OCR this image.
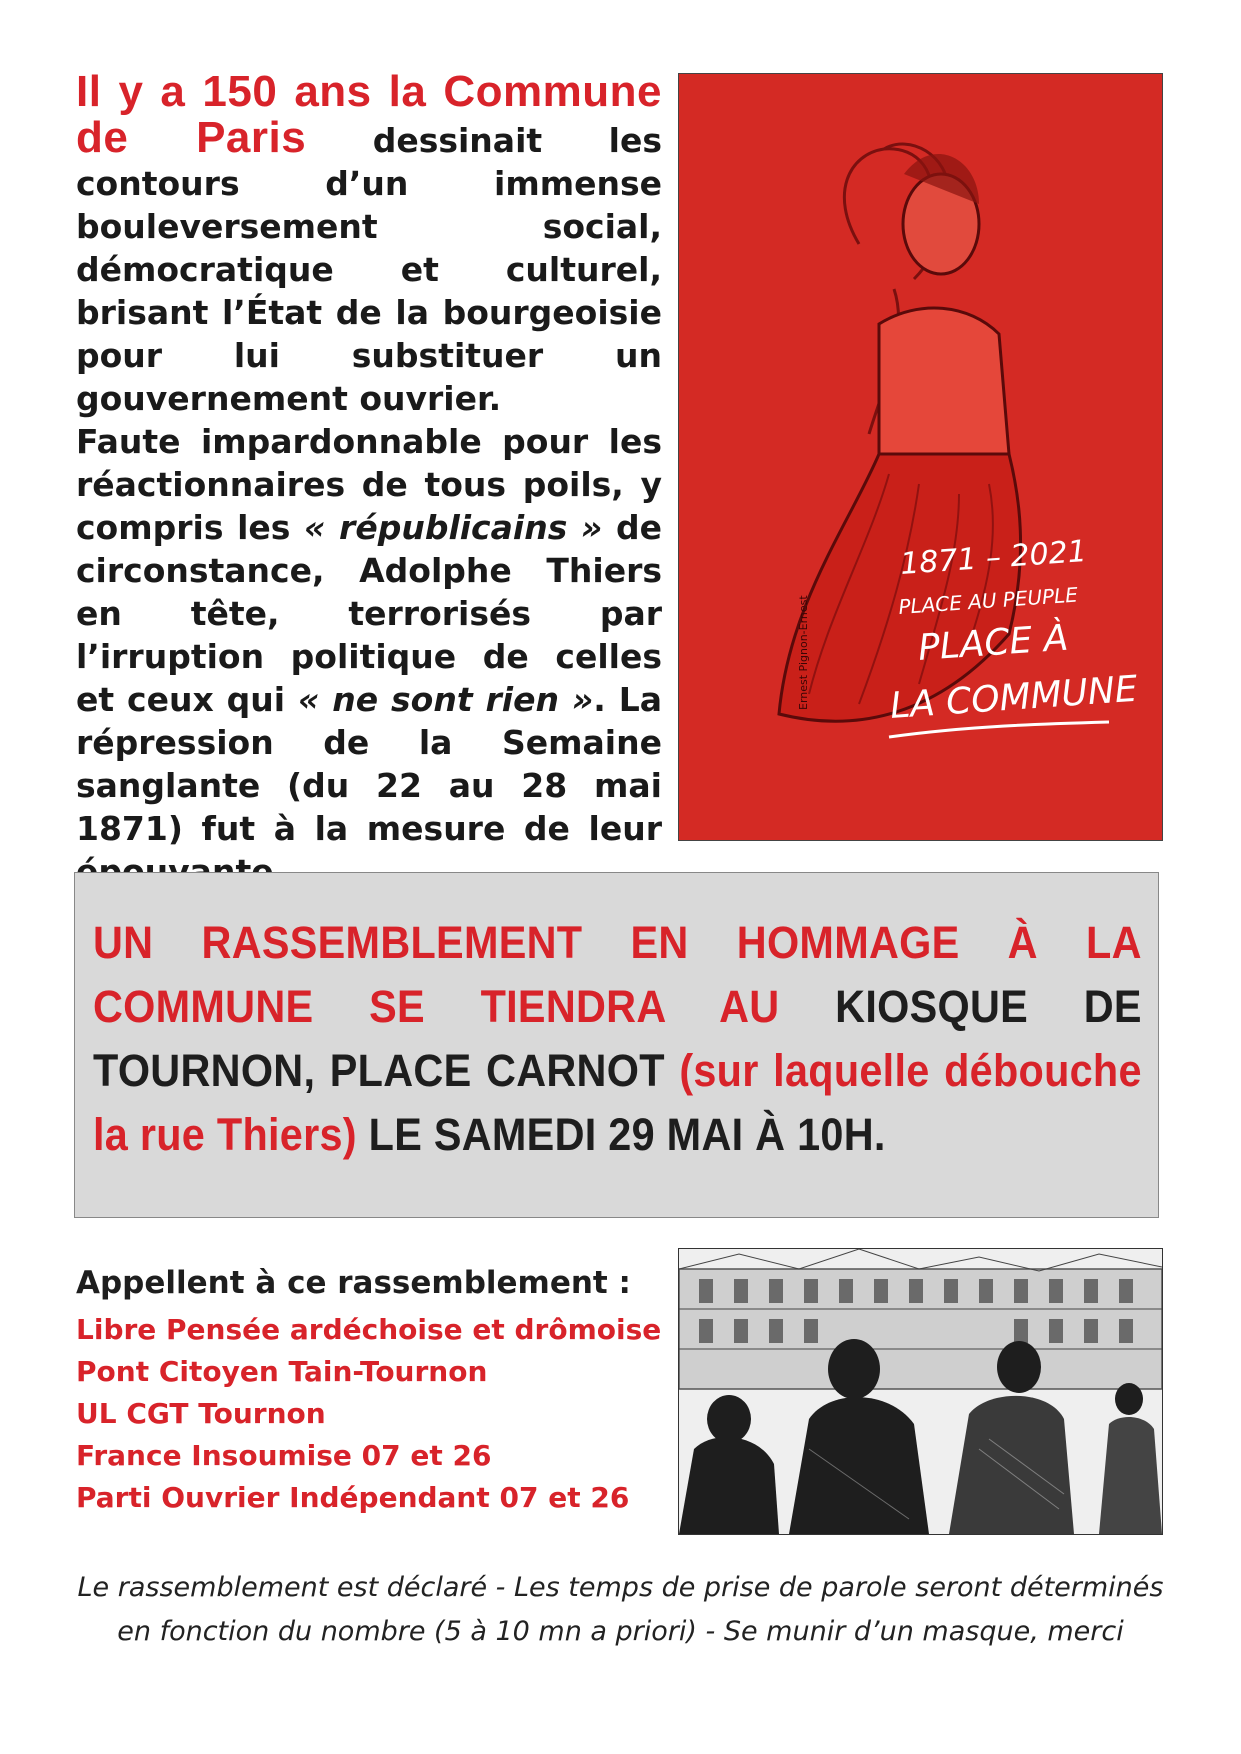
Il y a 150 ans la Commune de Paris dessinait les contours d’un immense bouleversement social, démocratique et culturel, brisant l’État de la bourgeoisie pour lui substituer un gouvernement ouvrier.
Faute impardonnable pour les réactionnaires de tous poils, y compris les « républicains » de circonstance, Adolphe Thiers en tête, terrorisés par l’irruption politique de celles et ceux qui « ne sont rien ». La répression de la Semaine sanglante (du 22 au 28 mai 1871) fut à la mesure de leur
1871 – 2021
PLACE AU PEUPLE
PLACE À
LA COMMUNE
Ernest Pignon-Ernest

UN RASSEMBLEMENT EN HOMMAGE À LA COMMUNE SE TIENDRA AU KIOSQUE DE TOURNON, PLACE CARNOT (sur laquelle débouche la rue Thiers) LE SAMEDI 29 MAI À 10H.

Appellent à ce rassemblement :
Libre Pensée ardéchoise et drômoise
Pont Citoyen Tain-Tournon
UL CGT Tournon
France Insoumise 07 et 26
Parti Ouvrier Indépendant 07 et 26
Le rassemblement est déclaré - Les temps de prise de parole seront déterminés
en fonction du nombre (5 à 10 mn a priori) - Se munir d’un masque, merci
